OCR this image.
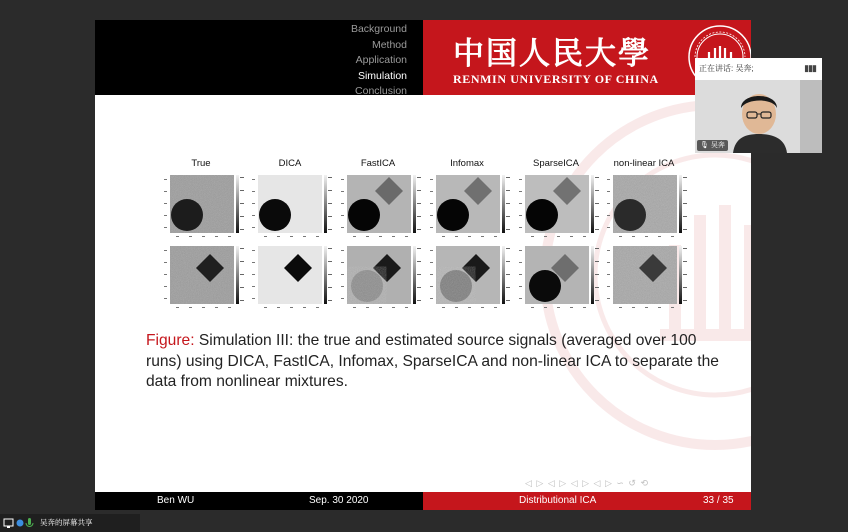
Background
Method
Application
Simulation
Conclusion
中国人民大學
RENMIN UNIVERSITY OF CHINA
True	DICA	FastICA	Infomax	SparseICA	non-linear ICA
Figure: Simulation III: the true and estimated source signals (averaged over 100 runs) using DICA, FastICA, Infomax, SparseICA and non-linear ICA to separate the data from nonlinear mixtures.
◁ ▷ ◁ ▷ ◁ ▷ ◁ ▷ ∽ ↺ ⟲
Ben WU	Sep. 30 2020	Distributional ICA	33 / 35
正在讲话: 吴奔;	▮▮▮
🎙 吴奔
吴奔的屏幕共享
